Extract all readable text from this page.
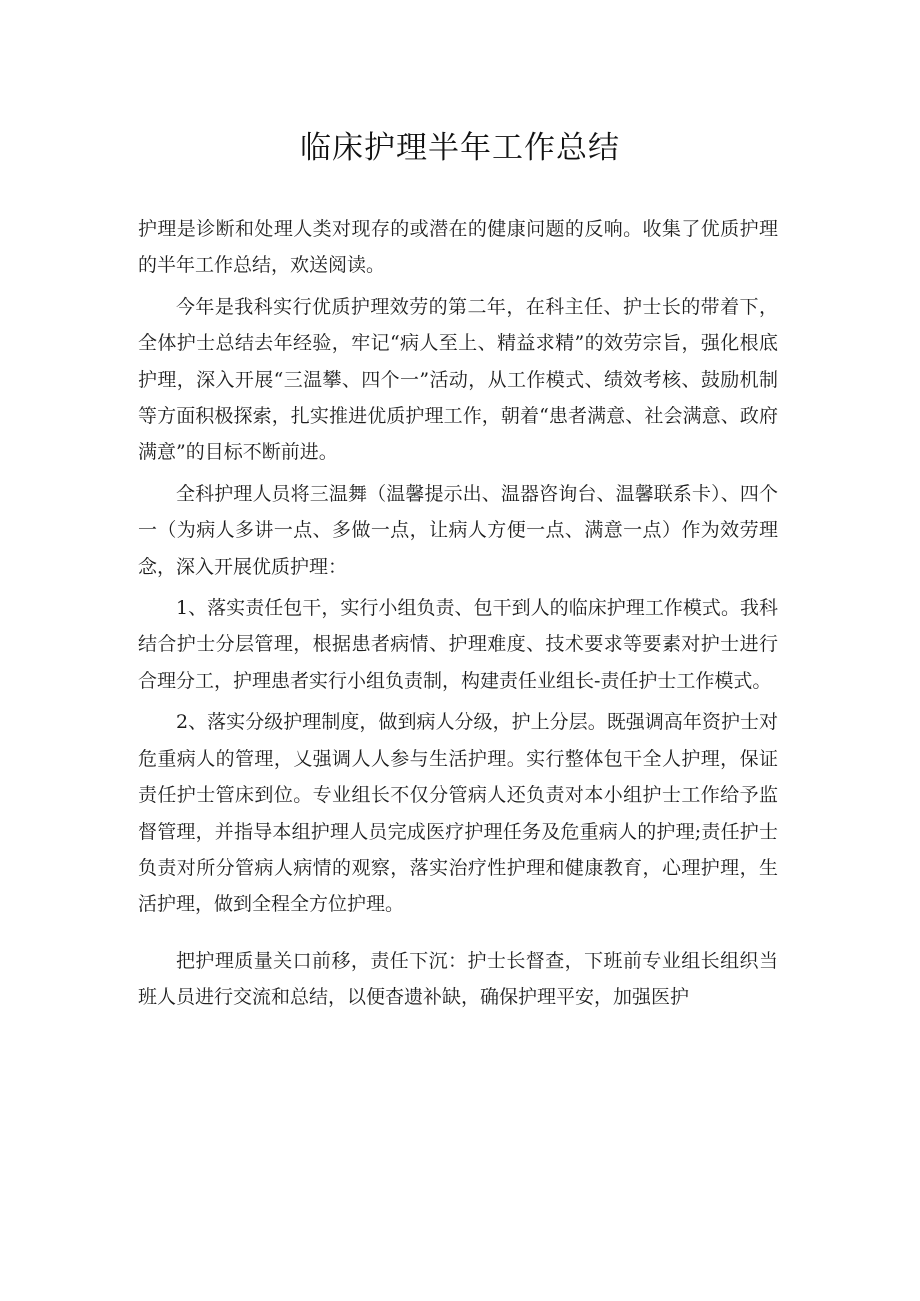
临床护理半年工作总结

护理是诊断和处理人类对现存的或潜在的健康问题的反响。收集了优质护理的半年工作总结，欢送阅读。

今年是我科实行优质护理效劳的第二年，在科主任、护士长的带着下，全体护士总结去年经验，牢记“病人至上、精益求精”的效劳宗旨，强化根底护理，深入开展“三温攀、四个一”活动，从工作模式、绩效考核、鼓励机制等方面积极探索，扎实推进优质护理工作，朝着“患者满意、社会满意、政府满意”的目标不断前进。

全科护理人员将三温舞（温馨提示出、温器咨询台、温馨联系卡）、四个一（为病人多讲一点、多做一点，让病人方便一点、满意一点）作为效劳理念，深入开展优质护理：

1、落实责任包干，实行小组负责、包干到人的临床护理工作模式。我科结合护士分层管理，根据患者病情、护理难度、技术要求等要素对护士进行合理分工，护理患者实行小组负责制，构建责任业组长-责任护士工作模式。

2、落实分级护理制度，做到病人分级，护上分层。既强调高年资护士对危重病人的管理，乂强调人人参与生活护理。实行整体包干全人护理，保证责任护士管床到位。专业组长不仅分管病人还负责对本小组护士工作给予监督管理，并指导本组护理人员完成医疗护理任务及危重病人的护理;责任护士负责对所分管病人病情的观察，落实治疗性护理和健康教育，心理护理，生活护理，做到全程全方位护理。

把护理质量关口前移，责任下沉：护士长督查，下班前专业组长组织当班人员进行交流和总结，以便杳遗补缺，确保护理平安，加强医护
